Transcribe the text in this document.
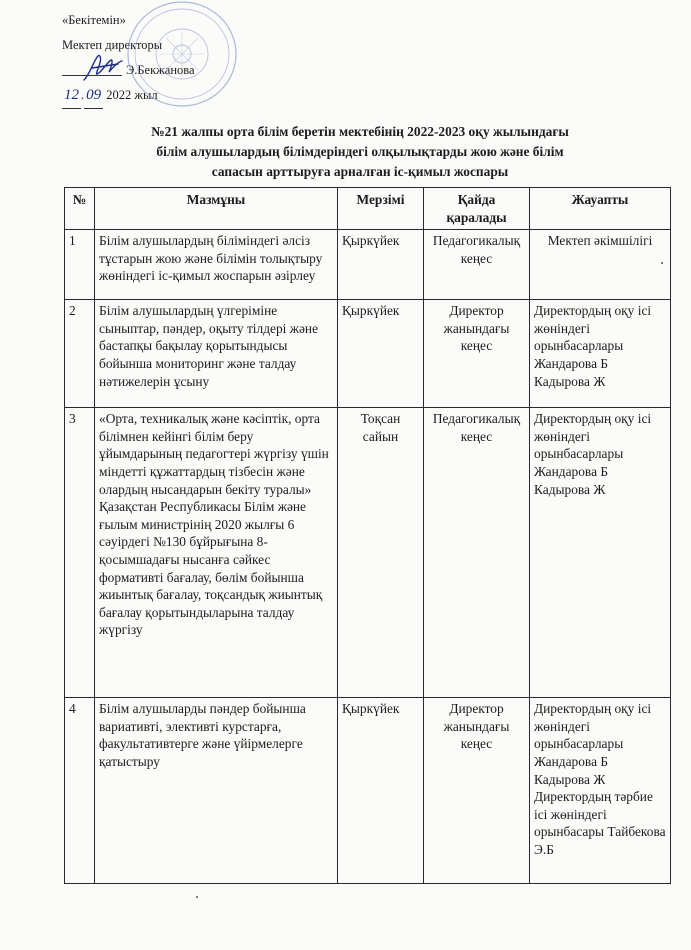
«Бекітемін»
Мектеп директоры
Э.Бекжанова
12 . 09 2022 жыл
№21 жалпы орта білім беретін мектебінің 2022-2023 оқу жылындағы
білім алушылардың білімдеріндегі олқылықтарды жою және білім
сапасын арттыруға арналған іс-қимыл жоспары
№	Мазмұны	Мерзімі	Қайда қаралады	Жауапты
1	Білім алушылардың біліміндегі әлсіз тұстарын жою және білімін толықтыру жөніндегі іс-қимыл жоспарын әзірлеу	Қыркүйек	Педагогикалық кеңес	Мектеп әкімшілігі
2	Білім алушылардың үлгеріміне сыныптар, пәндер, оқыту тілдері және бастапқы бақылау қорытындысы бойынша мониторинг және талдау нәтижелерін ұсыну	Қыркүйек	Директор жанындағы кеңес	Директордың оқу ісі жөніндегі орынбасарлары Жандарова Б Кадырова Ж
3	«Орта, техникалық және кәсіптік, орта білімнен кейінгі білім беру ұйымдарының педагогтері жүргізу үшін міндетті құжаттардың тізбесін және олардың нысандарын бекіту туралы» Қазақстан Республикасы Білім және ғылым министрінің 2020 жылғы 6 сәуірдегі №130 бұйрығына 8-қосымшадағы нысанға сәйкес формативті бағалау, бөлім бойынша жиынтық бағалау, тоқсандық жиынтық бағалау қорытындыларына талдау жүргізу	Тоқсан сайын	Педагогикалық кеңес	Директордың оқу ісі жөніндегі орынбасарлары Жандарова Б Кадырова Ж
4	Білім алушыларды пәндер бойынша вариативті, элективті курстарға, факультативтерге және үйірмелерге қатыстыру	Қыркүйек	Директор жанындағы кеңес	Директордың оқу ісі жөніндегі орынбасарлары Жандарова Б Кадырова Ж Директордың тәрбие ісі жөніндегі орынбасары Тайбекова Э.Б
